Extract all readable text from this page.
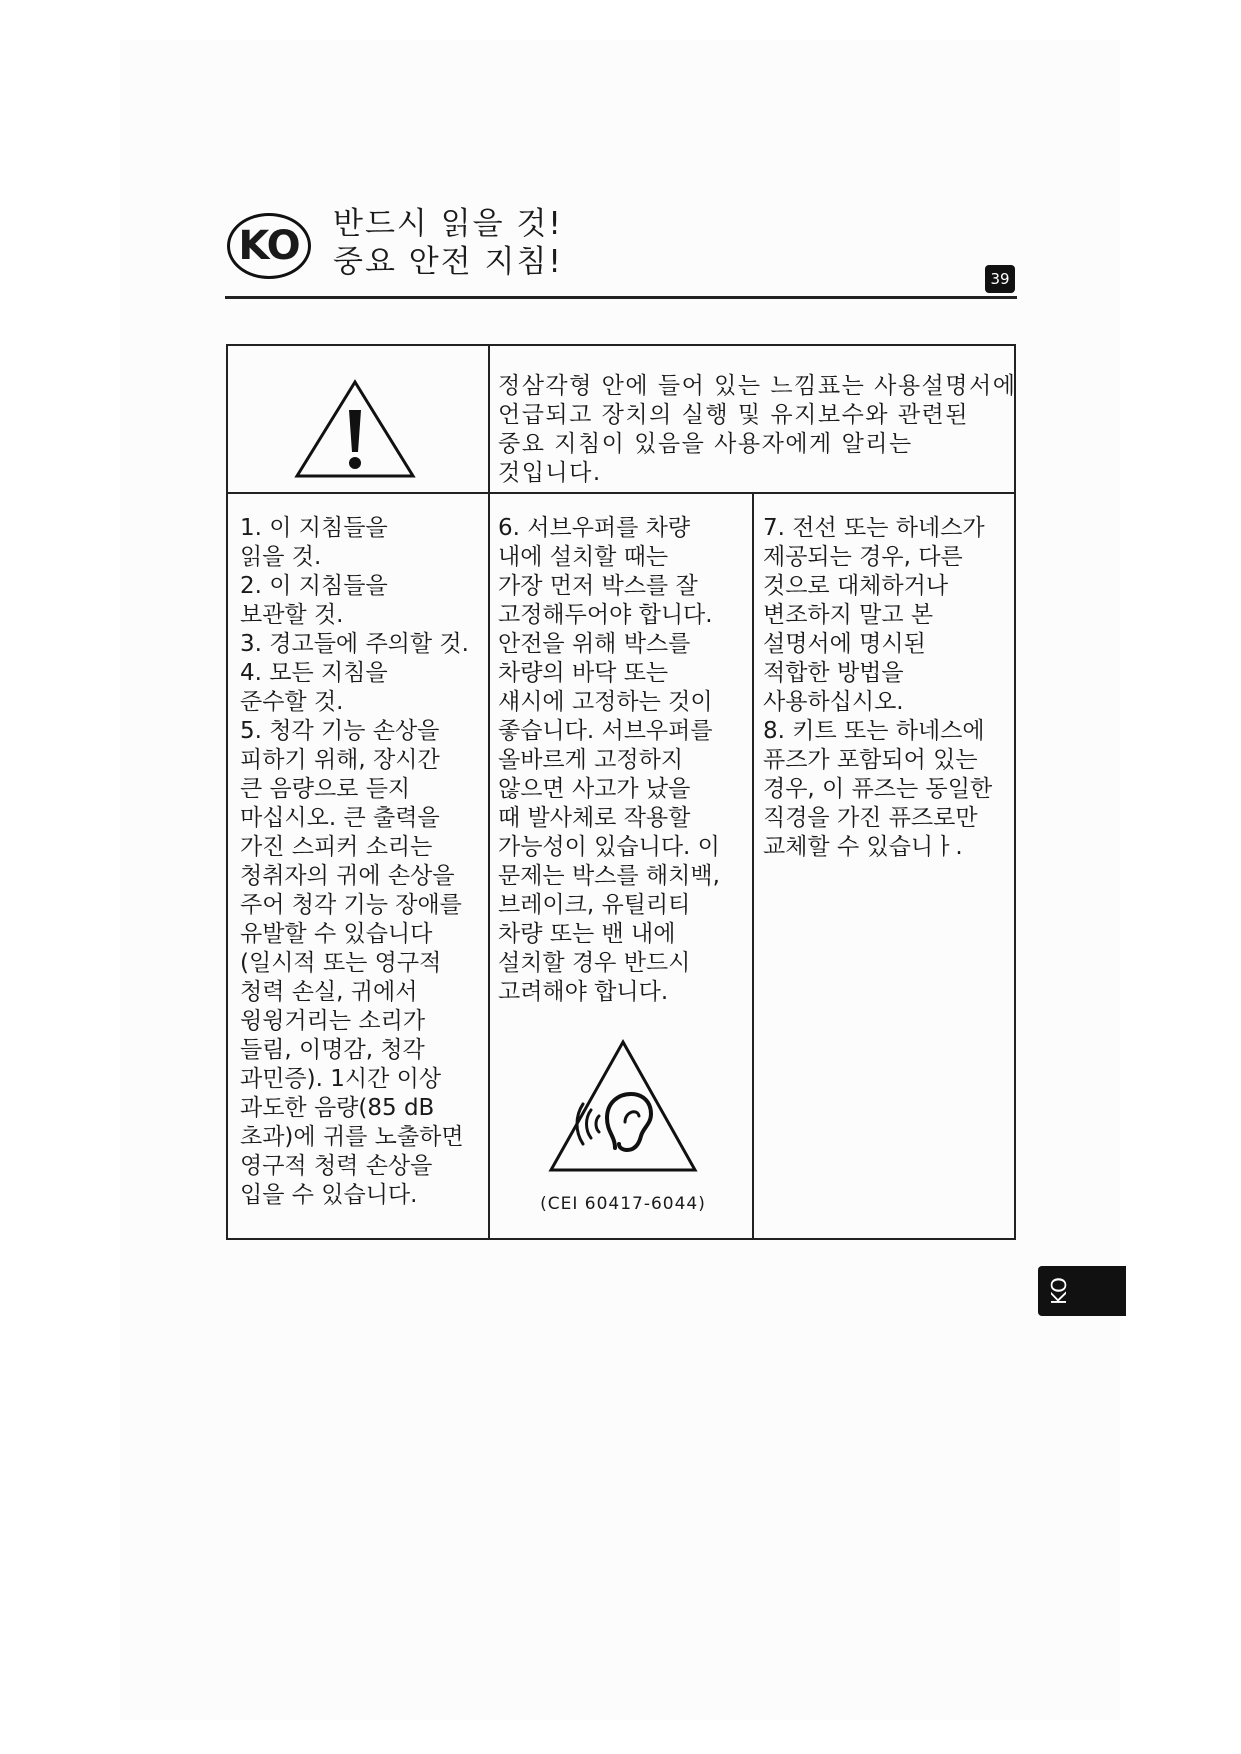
KO	반드시 읽을 것!
중요 안전 지침!	39
정삼각형 안에 들어 있는 느낌표는 사용설명서에 언급되고 장치의 실행 및 유지보수와 관련된 중요 지침이 있음을 사용자에게 알리는 것입니다.
1. 이 지침들을
읽을 것.
2. 이 지침들을
보관할 것.
3. 경고들에 주의할 것.
4. 모든 지침을
준수할 것.
5. 청각 기능 손상을
피하기 위해, 장시간
큰 음량으로 듣지
마십시오. 큰 출력을
가진 스피커 소리는
청취자의 귀에 손상을
주어 청각 기능 장애를
유발할 수 있습니다
(일시적 또는 영구적
청력 손실, 귀에서
윙윙거리는 소리가
들림, 이명감, 청각
과민증). 1시간 이상
과도한 음량(85 dB
초과)에 귀를 노출하면
영구적 청력 손상을
입을 수 있습니다.
6. 서브우퍼를 차량
내에 설치할 때는
가장 먼저 박스를 잘
고정해두어야 합니다.
안전을 위해 박스를
차량의 바닥 또는
섀시에 고정하는 것이
좋습니다. 서브우퍼를
올바르게 고정하지
않으면 사고가 났을
때 발사체로 작용할
가능성이 있습니다. 이
문제는 박스를 해치백,
브레이크, 유틸리티
차량 또는 밴 내에
설치할 경우 반드시
고려해야 합니다.
7. 전선 또는 하네스가
제공되는 경우, 다른
것으로 대체하거나
변조하지 말고 본
설명서에 명시된
적합한 방법을
사용하십시오.
8. 키트 또는 하네스에
퓨즈가 포함되어 있는
경우, 이 퓨즈는 동일한
직경을 가진 퓨즈로만
교체할 수 있습니ㅏ.
(CEI 60417-6044)
KO
